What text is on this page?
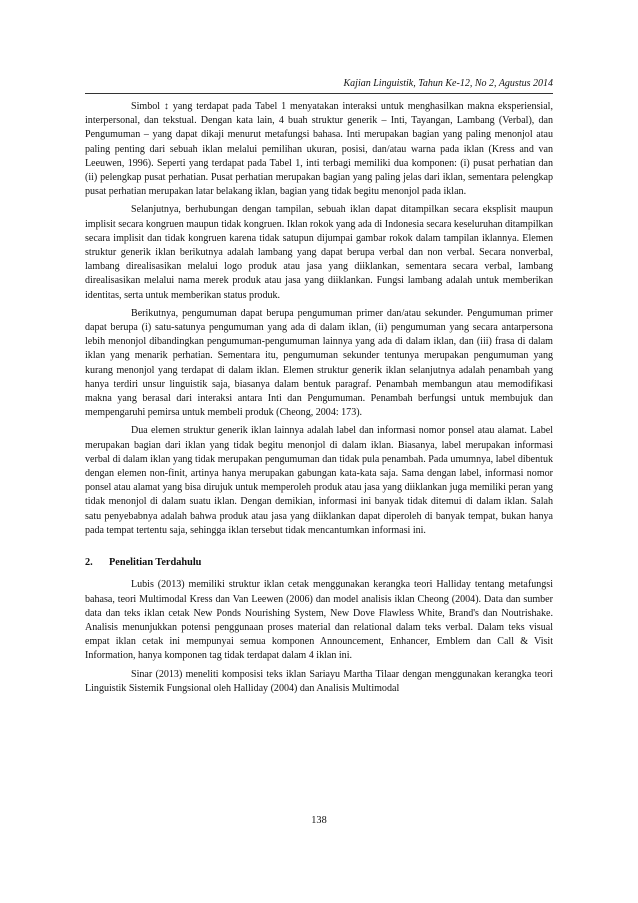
Kajian Linguistik, Tahun Ke-12, No 2, Agustus 2014

Simbol ↕ yang terdapat pada Tabel 1 menyatakan interaksi untuk menghasilkan makna eksperiensial, interpersonal, dan tekstual. Dengan kata lain, 4 buah struktur generik – Inti, Tayangan, Lambang (Verbal), dan Pengumuman – yang dapat dikaji menurut metafungsi bahasa. Inti merupakan bagian yang paling menonjol atau paling penting dari sebuah iklan melalui pemilihan ukuran, posisi, dan/atau warna pada iklan (Kress and van Leeuwen, 1996). Seperti yang terdapat pada Tabel 1, inti terbagi memiliki dua komponen: (i) pusat perhatian dan (ii) pelengkap pusat perhatian. Pusat perhatian merupakan bagian yang paling jelas dari iklan, sementara pelengkap pusat perhatian merupakan latar belakang iklan, bagian yang tidak begitu menonjol pada iklan.

Selanjutnya, berhubungan dengan tampilan, sebuah iklan dapat ditampilkan secara eksplisit maupun implisit secara kongruen maupun tidak kongruen. Iklan rokok yang ada di Indonesia secara keseluruhan ditampilkan secara implisit dan tidak kongruen karena tidak satupun dijumpai gambar rokok dalam tampilan iklannya. Elemen struktur generik iklan berikutnya adalah lambang yang dapat berupa verbal dan non verbal. Secara nonverbal, lambang direalisasikan melalui logo produk atau jasa yang diiklankan, sementara secara verbal, lambang direalisasikan melalui nama merek produk atau jasa yang diiklankan. Fungsi lambang adalah untuk memberikan identitas, serta untuk memberikan status produk.

Berikutnya, pengumuman dapat berupa pengumuman primer dan/atau sekunder. Pengumuman primer dapat berupa (i) satu-satunya pengumuman yang ada di dalam iklan, (ii) pengumuman yang secara antarpersona lebih menonjol dibandingkan pengumuman-pengumuman lainnya yang ada di dalam iklan, dan (iii) frasa di dalam iklan yang menarik perhatian. Sementara itu, pengumuman sekunder tentunya merupakan pengumuman yang kurang menonjol yang terdapat di dalam iklan. Elemen struktur generik iklan selanjutnya adalah penambah yang hanya terdiri unsur linguistik saja, biasanya dalam bentuk paragraf. Penambah membangun atau memodifikasi makna yang berasal dari interaksi antara Inti dan Pengumuman. Penambah berfungsi untuk membujuk dan mempengaruhi pemirsa untuk membeli produk (Cheong, 2004: 173).

Dua elemen struktur generik iklan lainnya adalah label dan informasi nomor ponsel atau alamat. Label merupakan bagian dari iklan yang tidak begitu menonjol di dalam iklan. Biasanya, label merupakan informasi verbal di dalam iklan yang tidak merupakan pengumuman dan tidak pula penambah. Pada umumnya, label dibentuk dengan elemen non-finit, artinya hanya merupakan gabungan kata-kata saja. Sama dengan label, informasi nomor ponsel atau alamat yang bisa dirujuk untuk memperoleh produk atau jasa yang diiklankan juga memiliki peran yang tidak menonjol di dalam suatu iklan. Dengan demikian, informasi ini banyak tidak ditemui di dalam iklan. Salah satu penyebabnya adalah bahwa produk atau jasa yang diiklankan dapat diperoleh di banyak tempat, bukan hanya pada tempat tertentu saja, sehingga iklan tersebut tidak mencantumkan informasi ini.

2.	Penelitian Terdahulu

Lubis (2013) memiliki struktur iklan cetak menggunakan kerangka teori Halliday tentang metafungsi bahasa, teori Multimodal Kress dan Van Leewen (2006) dan model analisis iklan Cheong (2004). Data dan sumber data dan teks iklan cetak New Ponds Nourishing System, New Dove Flawless White, Brand's dan Noutrishake. Analisis menunjukkan potensi penggunaan proses material dan relational dalam teks verbal. Dalam teks visual empat iklan cetak ini mempunyai semua komponen Announcement, Enhancer, Emblem dan Call & Visit Information, hanya komponen tag tidak terdapat dalam 4 iklan ini.

Sinar (2013) meneliti komposisi teks iklan Sariayu Martha Tilaar dengan menggunakan kerangka teori Linguistik Sistemik Fungsional oleh Halliday (2004) dan Analisis Multimodal

138
